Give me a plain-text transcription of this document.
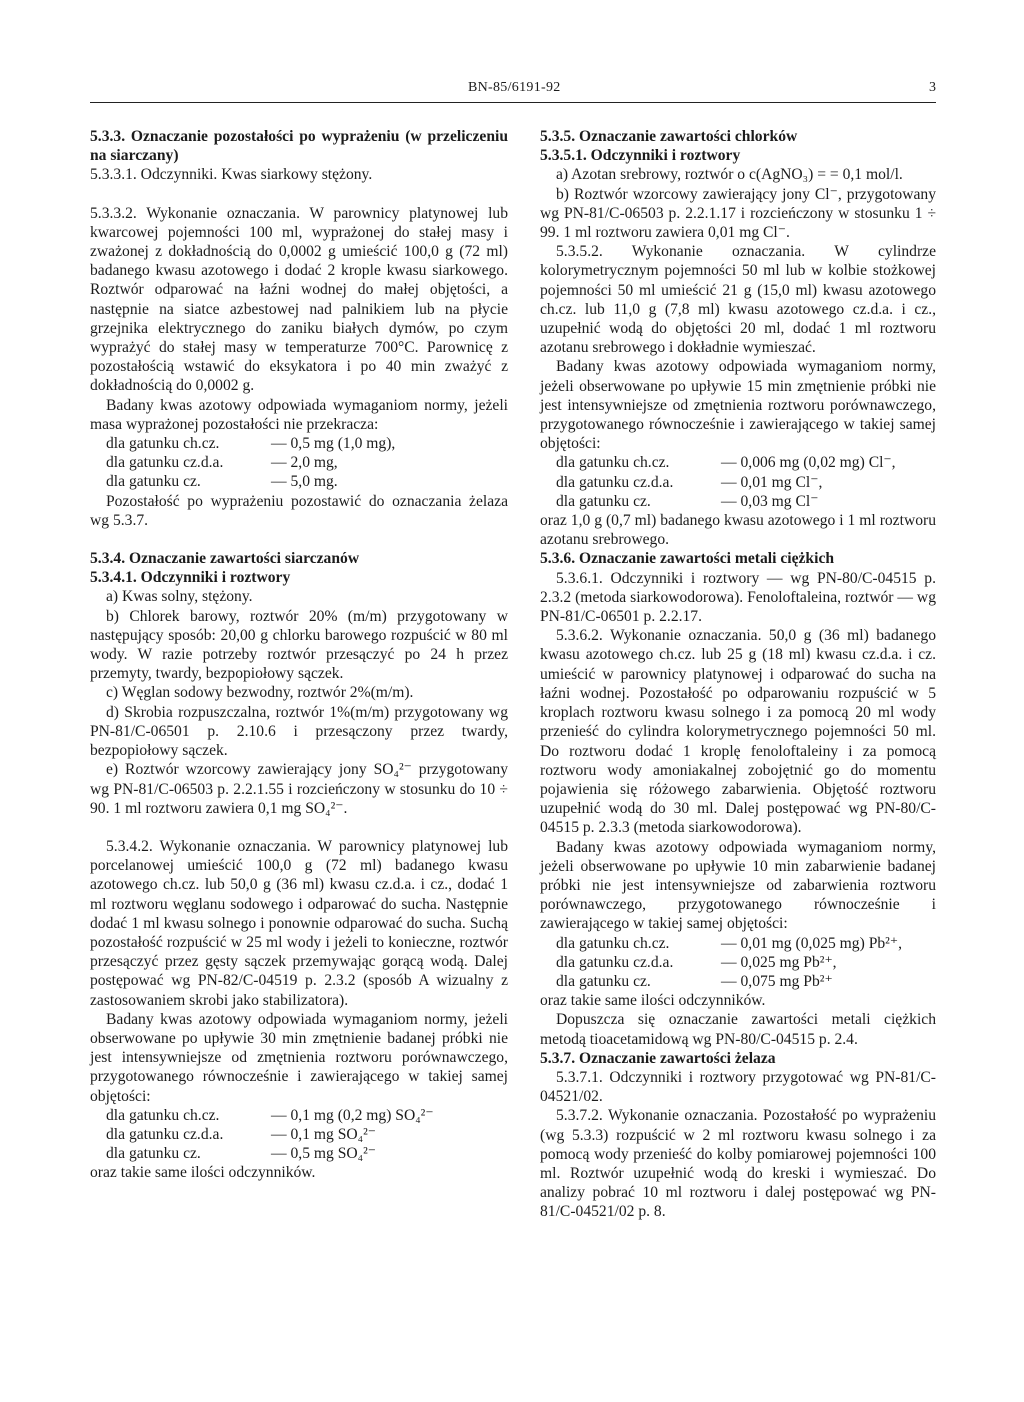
BN-85/6191-92	3

5.3.3. Oznaczanie pozostałości po wyprażeniu (w przeliczeniu na siarczany)

5.3.3.1. Odczynniki. Kwas siarkowy stężony.

5.3.3.2. Wykonanie oznaczania. W parownicy platynowej lub kwarcowej pojemności 100 ml, wyprażonej do stałej masy i zważonej z dokładnością do 0,0002 g umieścić 100,0 g (72 ml) badanego kwasu azotowego i dodać 2 krople kwasu siarkowego. Roztwór odparować na łaźni wodnej do małej objętości, a następnie na siatce azbestowej nad palnikiem lub na płycie grzejnika elektrycznego do zaniku białych dymów, po czym wyprażyć do stałej masy w temperaturze 700°C. Parownicę z pozostałością wstawić do eksykatora i po 40 min zważyć z dokładnością do 0,0002 g.

Badany kwas azotowy odpowiada wymaganiom normy, jeżeli masa wyprażonej pozostałości nie przekracza:

dla gatunku ch.cz.	— 0,5 mg (1,0 mg),
dla gatunku cz.d.a.	— 2,0 mg,
dla gatunku cz.	— 5,0 mg.

Pozostałość po wyprażeniu pozostawić do oznaczania żelaza wg 5.3.7.

5.3.4. Oznaczanie zawartości siarczanów

5.3.4.1. Odczynniki i roztwory

a) Kwas solny, stężony.

b) Chlorek barowy, roztwór 20% (m/m) przygotowany w następujący sposób: 20,00 g chlorku barowego rozpuścić w 80 ml wody. W razie potrzeby roztwór przesączyć po 24 h przez przemyty, twardy, bezpopiołowy sączek.

c) Węglan sodowy bezwodny, roztwór 2%(m/m).

d) Skrobia rozpuszczalna, roztwór 1%(m/m) przygotowany wg PN-81/C-06501 p. 2.10.6 i przesączony przez twardy, bezpopiołowy sączek.

e) Roztwór wzorcowy zawierający jony SO₄²⁻ przygotowany wg PN-81/C-06503 p. 2.2.1.55 i rozcieńczony w stosunku do 10 ÷ 90. 1 ml roztworu zawiera 0,1 mg SO₄²⁻.

5.3.4.2. Wykonanie oznaczania. W parownicy platynowej lub porcelanowej umieścić 100,0 g (72 ml) badanego kwasu azotowego ch.cz. lub 50,0 g (36 ml) kwasu cz.d.a. i cz., dodać 1 ml roztworu węglanu sodowego i odparować do sucha. Następnie dodać 1 ml kwasu solnego i ponownie odparować do sucha. Suchą pozostałość rozpuścić w 25 ml wody i jeżeli to konieczne, roztwór przesączyć przez gęsty sączek przemywając gorącą wodą. Dalej postępować wg PN-82/C-04519 p. 2.3.2 (sposób A wizualny z zastosowaniem skrobi jako stabilizatora).

Badany kwas azotowy odpowiada wymaganiom normy, jeżeli obserwowane po upływie 30 min zmętnienie badanej próbki nie jest intensywniejsze od zmętnienia roztworu porównawczego, przygotowanego równocześnie i zawierającego w takiej samej objętości:

dla gatunku ch.cz.	— 0,1 mg (0,2 mg) SO₄²⁻
dla gatunku cz.d.a.	— 0,1 mg SO₄²⁻
dla gatunku cz.	— 0,5 mg SO₄²⁻

oraz takie same ilości odczynników.

5.3.5. Oznaczanie zawartości chlorków

5.3.5.1. Odczynniki i roztwory

a) Azotan srebrowy, roztwór o c(AgNO₃) = = 0,1 mol/l.

b) Roztwór wzorcowy zawierający jony Cl⁻, przygotowany wg PN-81/C-06503 p. 2.2.1.17 i rozcieńczony w stosunku 1 ÷ 99. 1 ml roztworu zawiera 0,01 mg Cl⁻.

5.3.5.2. Wykonanie oznaczania. W cylindrze kolorymetrycznym pojemności 50 ml lub w kolbie stożkowej pojemności 50 ml umieścić 21 g (15,0 ml) kwasu azotowego ch.cz. lub 11,0 g (7,8 ml) kwasu azotowego cz.d.a. i cz., uzupełnić wodą do objętości 20 ml, dodać 1 ml roztworu azotanu srebrowego i dokładnie wymieszać.

Badany kwas azotowy odpowiada wymaganiom normy, jeżeli obserwowane po upływie 15 min zmętnienie próbki nie jest intensywniejsze od zmętnienia roztworu porównawczego, przygotowanego równocześnie i zawierającego w takiej samej objętości:

dla gatunku ch.cz.	— 0,006 mg (0,02 mg) Cl⁻,
dla gatunku cz.d.a.	— 0,01 mg Cl⁻,
dla gatunku cz.	— 0,03 mg Cl⁻

oraz 1,0 g (0,7 ml) badanego kwasu azotowego i 1 ml roztworu azotanu srebrowego.

5.3.6. Oznaczanie zawartości metali ciężkich

5.3.6.1. Odczynniki i roztwory — wg PN-80/C-04515 p. 2.3.2 (metoda siarkowodorowa). Fenoloftaleina, roztwór — wg PN-81/C-06501 p. 2.2.17.

5.3.6.2. Wykonanie oznaczania. 50,0 g (36 ml) badanego kwasu azotowego ch.cz. lub 25 g (18 ml) kwasu cz.d.a. i cz. umieścić w parownicy platynowej i odparować do sucha na łaźni wodnej. Pozostałość po odparowaniu rozpuścić w 5 kroplach roztworu kwasu solnego i za pomocą 20 ml wody przenieść do cylindra kolorymetrycznego pojemności 50 ml. Do roztworu dodać 1 kroplę fenoloftaleiny i za pomocą roztworu wody amoniakalnej zobojętnić go do momentu pojawienia się różowego zabarwienia. Objętość roztworu uzupełnić wodą do 30 ml. Dalej postępować wg PN-80/C-04515 p. 2.3.3 (metoda siarkowodorowa).

Badany kwas azotowy odpowiada wymaganiom normy, jeżeli obserwowane po upływie 10 min zabarwienie badanej próbki nie jest intensywniejsze od zabarwienia roztworu porównawczego, przygotowanego równocześnie i zawierającego w takiej samej objętości:

dla gatunku ch.cz.	— 0,01 mg (0,025 mg) Pb²⁺,
dla gatunku cz.d.a.	— 0,025 mg Pb²⁺,
dla gatunku cz.	— 0,075 mg Pb²⁺

oraz takie same ilości odczynników.

Dopuszcza się oznaczanie zawartości metali ciężkich metodą tioacetamidową wg PN-80/C-04515 p. 2.4.

5.3.7. Oznaczanie zawartości żelaza

5.3.7.1. Odczynniki i roztwory przygotować wg PN-81/C-04521/02.

5.3.7.2. Wykonanie oznaczania. Pozostałość po wyprażeniu (wg 5.3.3) rozpuścić w 2 ml roztworu kwasu solnego i za pomocą wody przenieść do kolby pomiarowej pojemności 100 ml. Roztwór uzupełnić wodą do kreski i wymieszać. Do analizy pobrać 10 ml roztworu i dalej postępować wg PN-81/C-04521/02 p. 8.
